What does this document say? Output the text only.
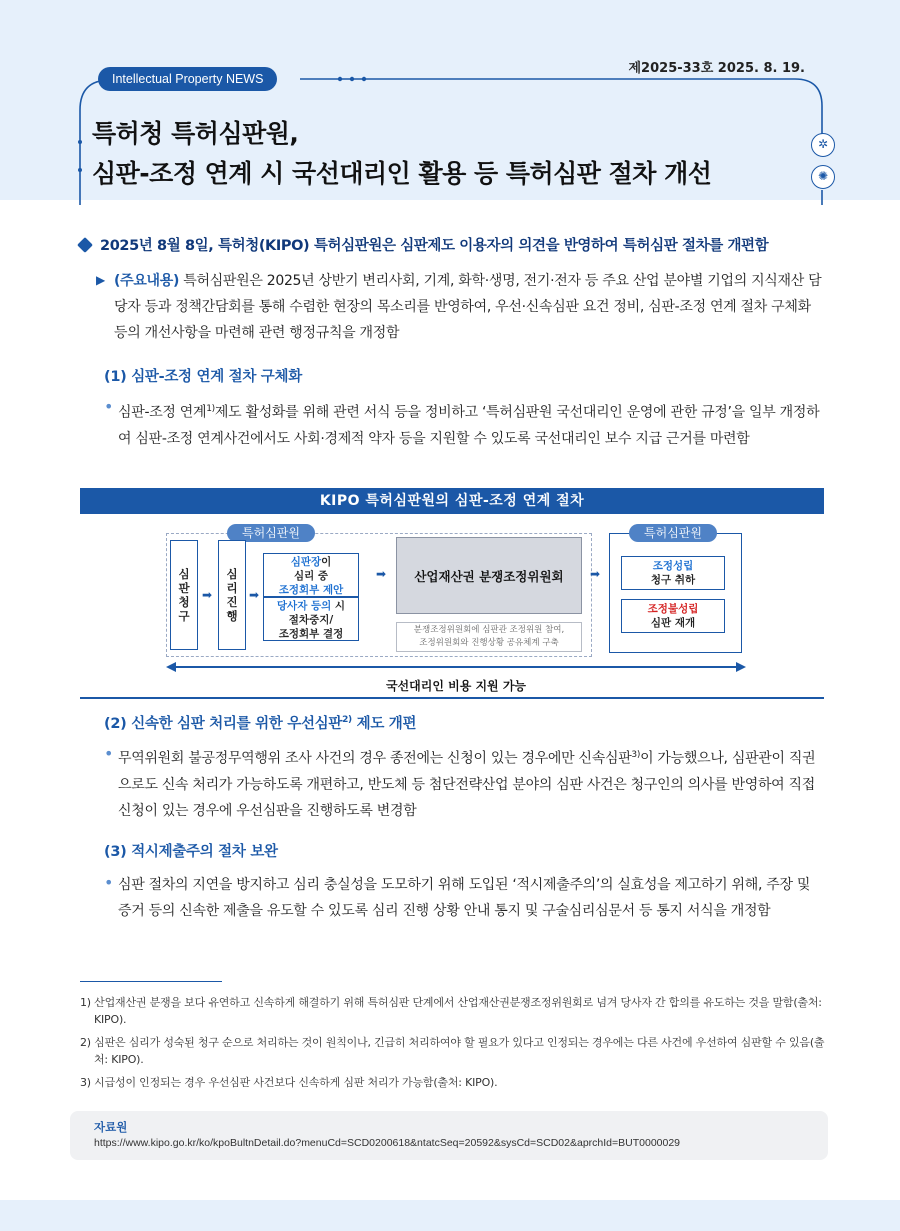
제2025-33호 2025. 8. 19.
Intellectual Property NEWS
특허청 특허심판원,
심판-조정 연계 시 국선대리인 활용 등 특허심판 절차 개선
✲
✺
2025년 8월 8일, 특허청(KIPO) 특허심판원은 심판제도 이용자의 의견을 반영하여 특허심판 절차를 개편함
▶ (주요내용) 특허심판원은 2025년 상반기 변리사회, 기계, 화학·생명, 전기·전자 등 주요 산업 분야별 기업의 지식재산 담당자 등과 정책간담회를 통해 수렴한 현장의 목소리를 반영하여, 우선·신속심판 요건 정비, 심판-조정 연계 절차 구체화 등의 개선사항을 마련해 관련 행정규칙을 개정함
(1) 심판-조정 연계 절차 구체화
• 심판-조정 연계$^{1)}$제도 활성화를 위해 관련 서식 등을 정비하고 ‘특허심판원 국선대리인 운영에 관한 규정’을 일부 개정하여 심판-조정 연계사건에서도 사회·경제적 약자 등을 지원할 수 있도록 국선대리인 보수 지급 근거를 마련함
KIPO 특허심판원의 심판-조정 연계 절차
특허심판원
심판청구
➡
심리진행
➡
심판장이
심리 중
조정회부 제안
당사자 등의 시
절차중지/
조정회부 결정
➡	산업재산권 분쟁조정위원회
분쟁조정위원회에 심판관 조정위원 참여,
조정위원회와 진행상황 공유체계 구축
➡
특허심판원
조정성립
청구 취하
조정불성립
심판 재개
국선대리인 비용 지원 가능
(2) 신속한 심판 처리를 위한 우선심판$^{2)}$ 제도 개편
• 무역위원회 불공정무역행위 조사 사건의 경우 종전에는 신청이 있는 경우에만 신속심판$^{3)}$이 가능했으나, 심판관이 직권으로도 신속 처리가 가능하도록 개편하고, 반도체 등 첨단전략산업 분야의 심판 사건은 청구인의 의사를 반영하여 직접 신청이 있는 경우에 우선심판을 진행하도록 변경함
(3) 적시제출주의 절차 보완
• 심판 절차의 지연을 방지하고 심리 충실성을 도모하기 위해 도입된 ‘적시제출주의’의 실효성을 제고하기 위해, 주장 및 증거 등의 신속한 제출을 유도할 수 있도록 심리 진행 상황 안내 통지 및 구술심리심문서 등 통지 서식을 개정함
1) 산업재산권 분쟁을 보다 유연하고 신속하게 해결하기 위해 특허심판 단계에서 산업재산권분쟁조정위원회로 넘겨 당사자 간 합의를 유도하는 것을 말함(출처: KIPO).
2) 심판은 심리가 성숙된 청구 순으로 처리하는 것이 원칙이나, 긴급히 처리하여야 할 필요가 있다고 인정되는 경우에는 다른 사건에 우선하여 심판할 수 있음(출처: KIPO).
3) 시급성이 인정되는 경우 우선심판 사건보다 신속하게 심판 처리가 가능함(출처: KIPO).
자료원
https://www.kipo.go.kr/ko/kpoBultnDetail.do?menuCd=SCD0200618&ntatcSeq=20592&sysCd=SCD02&aprchId=BUT0000029
